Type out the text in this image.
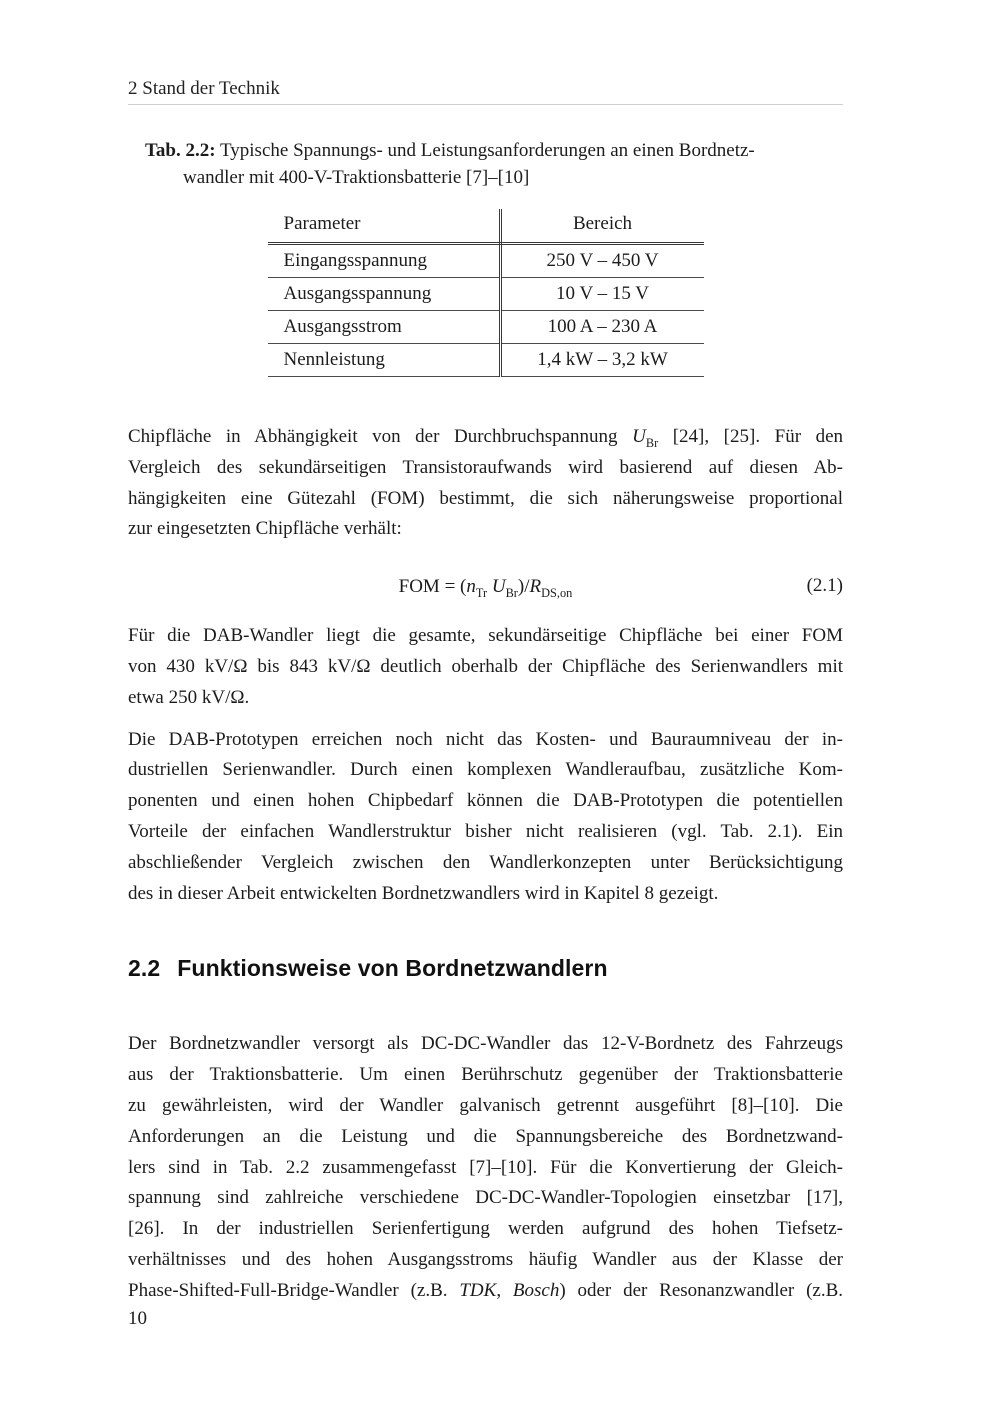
2 Stand der Technik
Tab. 2.2: Typische Spannungs- und Leistungsanforderungen an einen Bordnetz-
wandler mit 400-V-Traktionsbatterie [7]–[10]
Parameter	Bereich
Eingangsspannung	250 V – 450 V
Ausgangsspannung	10 V – 15 V
Ausgangsstrom	100 A – 230 A
Nennleistung	1,4 kW – 3,2 kW
Chipfläche in Abhängigkeit von der Durchbruchspannung $U_{Br}$ [24], [25]. Für den
Vergleich des sekundärseitigen Transistoraufwands wird basierend auf diesen Ab-
hängigkeiten eine Gütezahl (FOM) bestimmt, die sich näherungsweise proportional
zur eingesetzten Chipfläche verhält:
FOM = ($n_{Tr}$ $U_{Br})/R_{DS,on}$	(2.1)
Für die DAB-Wandler liegt die gesamte, sekundärseitige Chipfläche bei einer FOM
von 430 kV/Ω bis 843 kV/Ω deutlich oberhalb der Chipfläche des Serienwandlers mit
etwa 250 kV/Ω.
Die DAB-Prototypen erreichen noch nicht das Kosten- und Bauraumniveau der in-
dustriellen Serienwandler. Durch einen komplexen Wandleraufbau, zusätzliche Kom-
ponenten und einen hohen Chipbedarf können die DAB-Prototypen die potentiellen
Vorteile der einfachen Wandlerstruktur bisher nicht realisieren (vgl. Tab. 2.1). Ein
abschließender Vergleich zwischen den Wandlerkonzepten unter Berücksichtigung
des in dieser Arbeit entwickelten Bordnetzwandlers wird in Kapitel 8 gezeigt.
2.2 Funktionsweise von Bordnetzwandlern
Der Bordnetzwandler versorgt als DC-DC-Wandler das 12-V-Bordnetz des Fahrzeugs
aus der Traktionsbatterie. Um einen Berührschutz gegenüber der Traktionsbatterie
zu gewährleisten, wird der Wandler galvanisch getrennt ausgeführt [8]–[10]. Die
Anforderungen an die Leistung und die Spannungsbereiche des Bordnetzwand-
lers sind in Tab. 2.2 zusammengefasst [7]–[10]. Für die Konvertierung der Gleich-
spannung sind zahlreiche verschiedene DC-DC-Wandler-Topologien einsetzbar [17],
[26]. In der industriellen Serienfertigung werden aufgrund des hohen Tiefsetz-
verhältnisses und des hohen Ausgangsstroms häufig Wandler aus der Klasse der
Phase-Shifted-Full-Bridge-Wandler (z.B. TDK, Bosch) oder der Resonanzwandler (z.B.
10
